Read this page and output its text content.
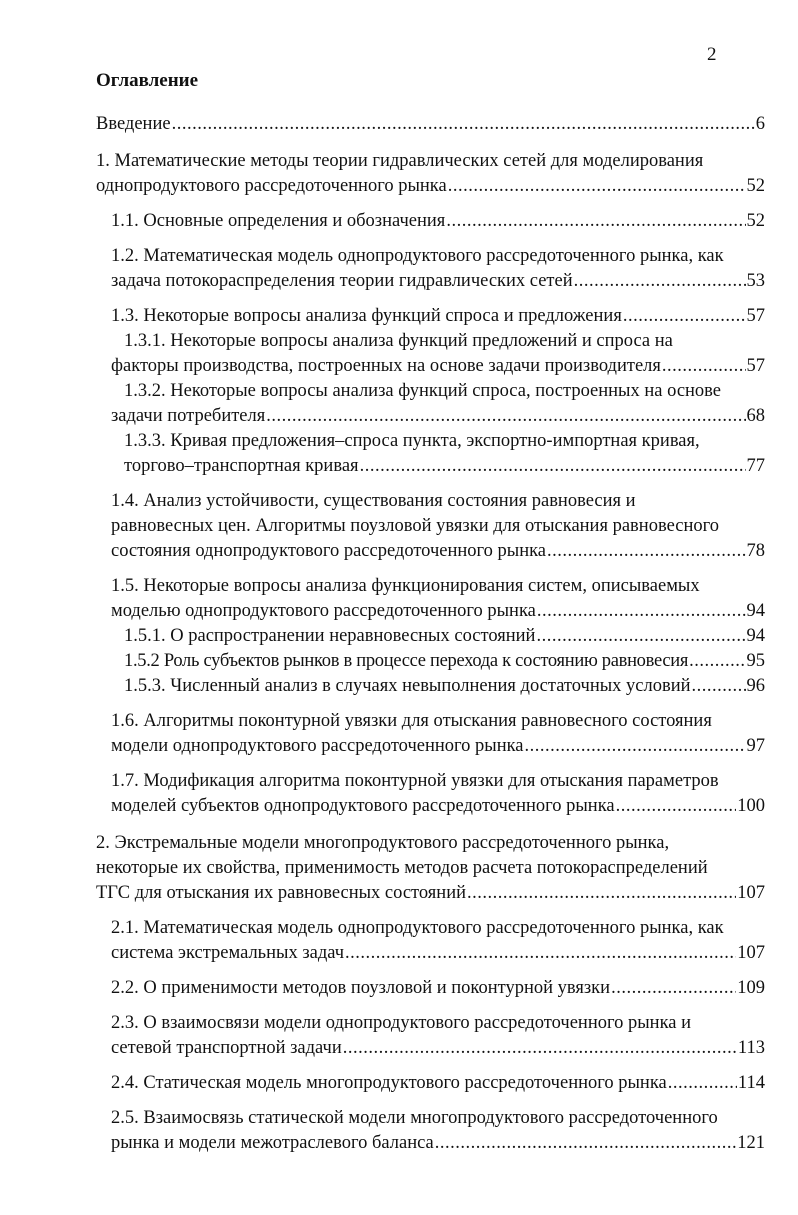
2
Оглавление
Введение .....	6
1. Математические методы теории гидравлических сетей для моделирования
однопродуктового рассредоточенного рынка .....	52
1.1. Основные определения и обозначения .....	52
1.2. Математическая модель однопродуктового рассредоточенного рынка, как
задача потокораспределения теории гидравлических сетей .....	53
1.3. Некоторые вопросы анализа функций спроса и предложения .....	57
1.3.1. Некоторые вопросы анализа функций предложений и спроса на
факторы производства, построенных на основе задачи производителя .....	57
1.3.2. Некоторые вопросы анализа функций спроса, построенных на основе
задачи потребителя .....	68
1.3.3. Кривая предложения–спроса пункта, экспортно-импортная кривая,
торгово–транспортная кривая .....	77
1.4. Анализ устойчивости, существования состояния равновесия и
равновесных цен. Алгоритмы поузловой увязки для отыскания равновесного
состояния однопродуктового рассредоточенного рынка .....	78
1.5. Некоторые вопросы анализа функционирования систем, описываемых
моделью однопродуктового рассредоточенного рынка .....	94
1.5.1. О распространении неравновесных состояний .....	94
1.5.2 Роль субъектов рынков в процессе перехода к состоянию равновесия .....	95
1.5.3. Численный анализ в случаях невыполнения достаточных условий .....	96
1.6. Алгоритмы поконтурной увязки для отыскания равновесного состояния
модели однопродуктового рассредоточенного рынка .....	97
1.7. Модификация алгоритма поконтурной увязки для отыскания параметров
моделей субъектов однопродуктового рассредоточенного рынка .....	100
2. Экстремальные модели многопродуктового рассредоточенного рынка,
некоторые их свойства, применимость методов расчета потокораспределений
ТГС для отыскания их равновесных состояний .....	107
2.1. Математическая модель однопродуктового рассредоточенного рынка, как
система экстремальных задач .....	107
2.2. О применимости методов поузловой и поконтурной увязки .....	109
2.3. О взаимосвязи модели однопродуктового рассредоточенного рынка и
сетевой транспортной задачи .....	113
2.4. Статическая модель многопродуктового рассредоточенного рынка .....	114
2.5. Взаимосвязь статической модели многопродуктового рассредоточенного
рынка и модели межотраслевого баланса .....	121
